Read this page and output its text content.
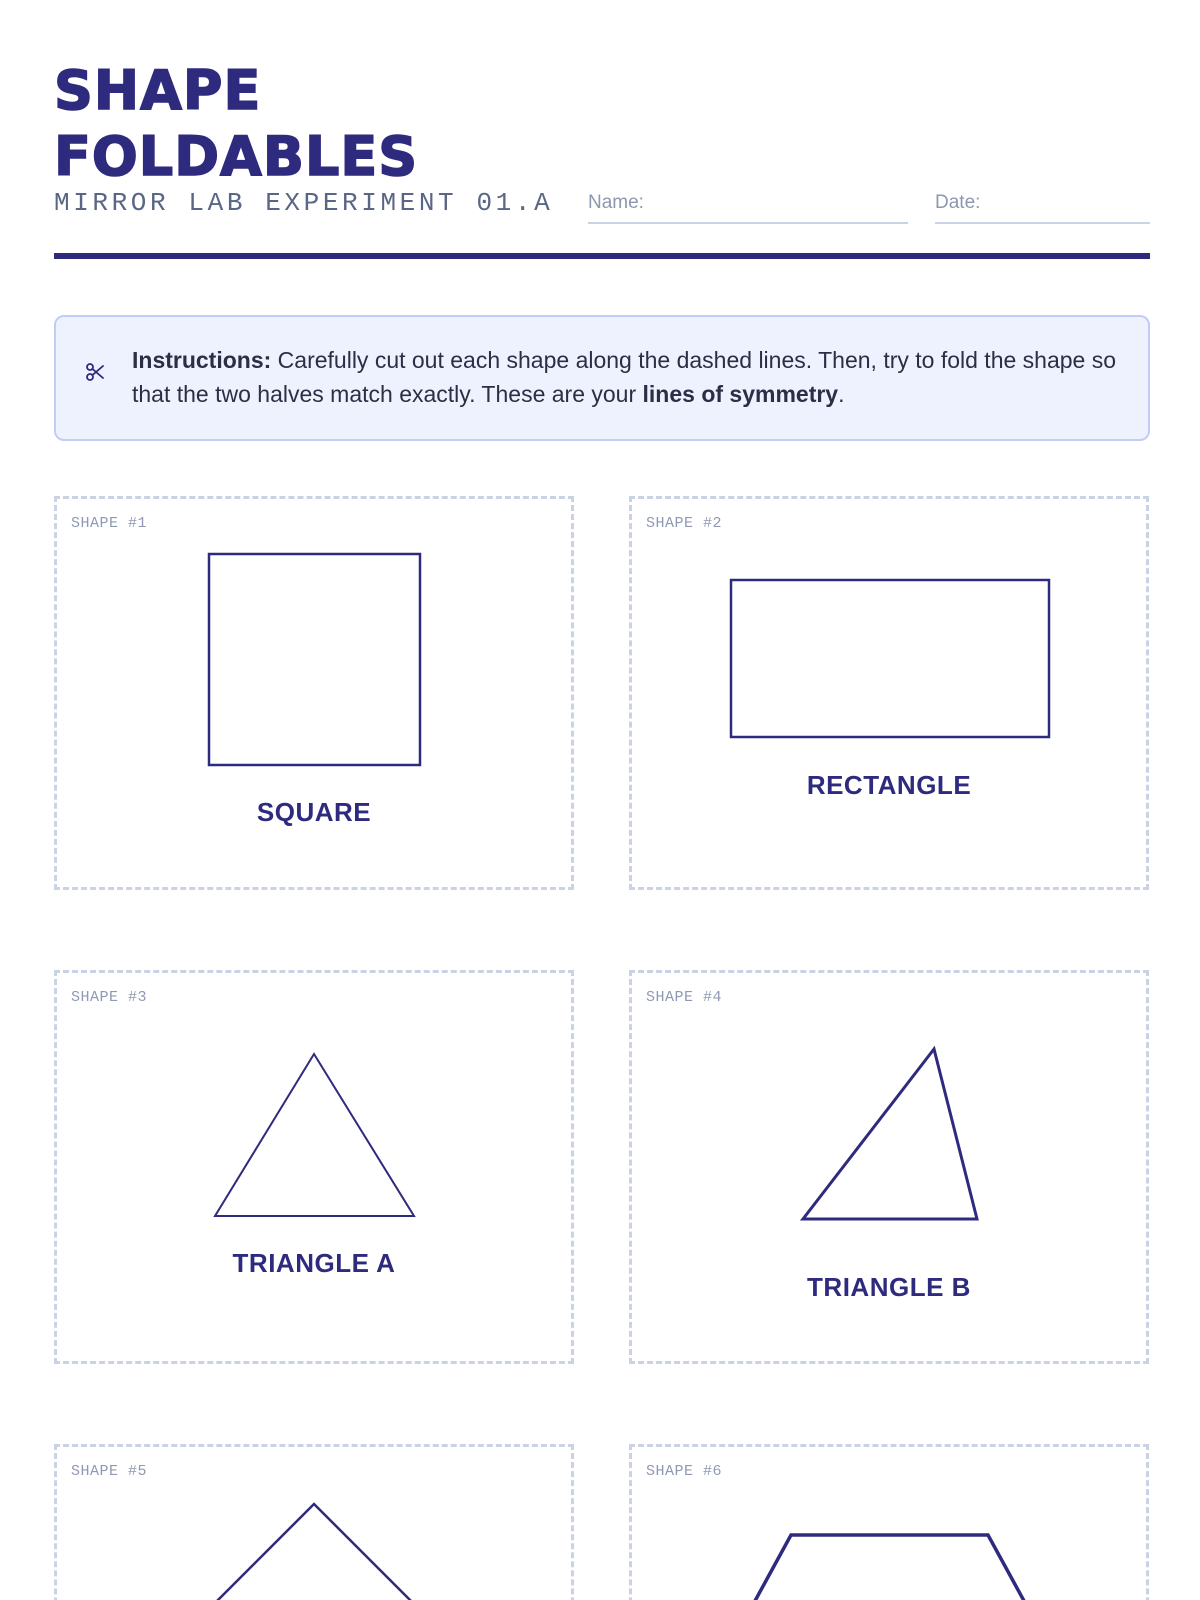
SHAPE
FOLDABLES
MIRROR LAB EXPERIMENT 01.A Name:	Date:

Instructions: Carefully cut out each shape along the dashed lines. Then, try to fold the shape so that the two halves match exactly. These are your lines of symmetry.

SHAPE #1
SQUARE
SHAPE #2
RECTANGLE
SHAPE #3
TRIANGLE A
SHAPE #4
TRIANGLE B
SHAPE #5	SHAPE #6
